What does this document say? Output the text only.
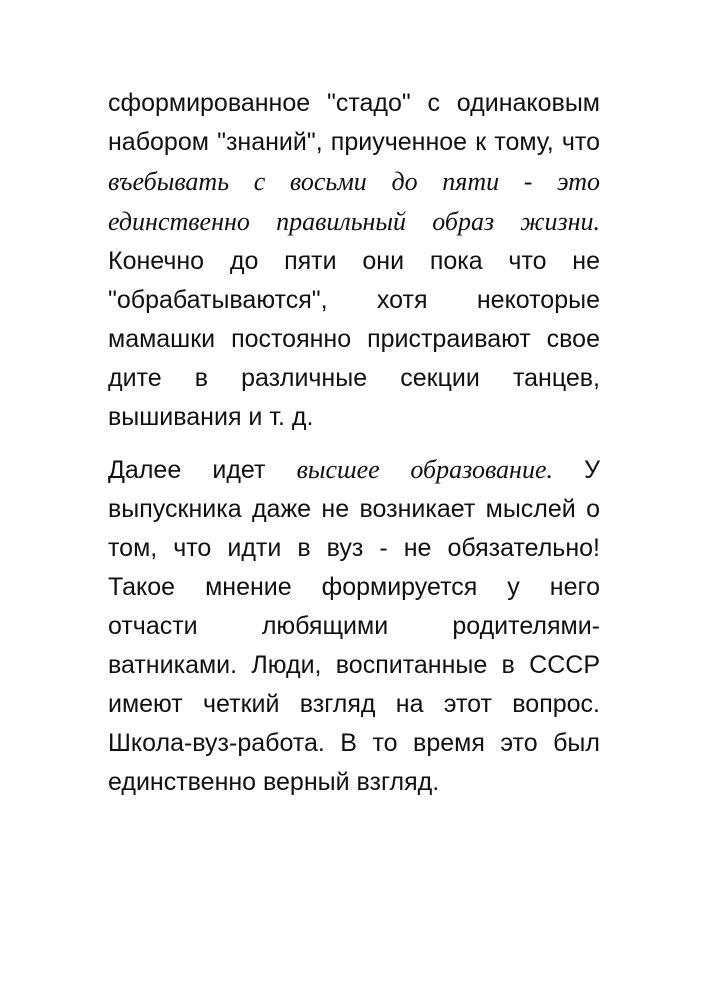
сформированное "стадо" с одинаковым набором "знаний", приученное к тому, что въебывать с восьми до пяти - это единственно правильный образ жизни. Конечно до пяти они пока что не "обрабатываются", хотя некоторые мамашки постоянно пристраивают свое дите в различные секции танцев, вышивания и т. д.

Далее идет высшее образование. У выпускника даже не возникает мыслей о том, что идти в вуз - не обязательно! Такое мнение формируется у него отчасти любящими родителями-ватниками. Люди, воспитанные в СССР имеют четкий взгляд на этот вопрос. Школа-вуз-работа. В то время это был единственно верный взгляд.
